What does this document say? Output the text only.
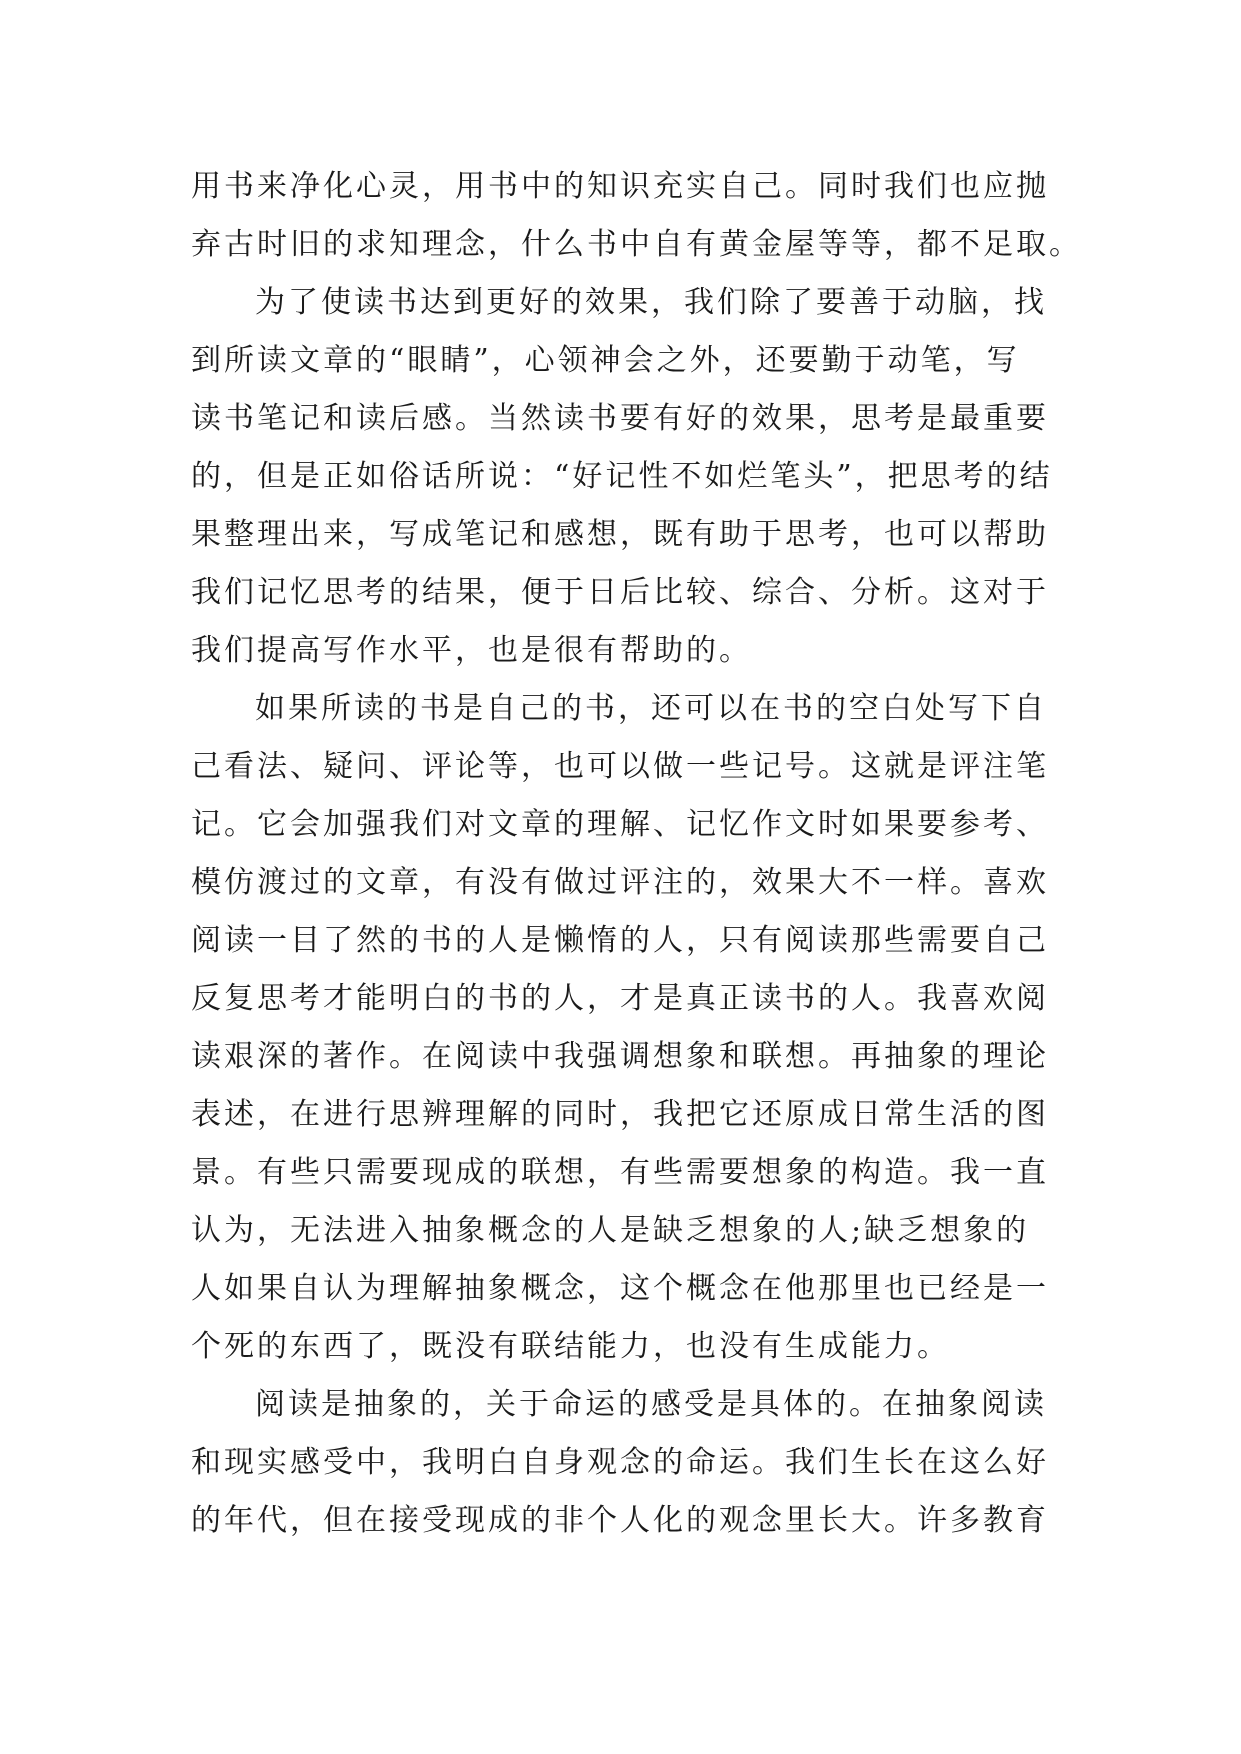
用书来净化心灵，用书中的知识充实自己。同时我们也应抛
弃古时旧的求知理念，什么书中自有黄金屋等等，都不足取。
为了使读书达到更好的效果，我们除了要善于动脑，找
到所读文章的“眼睛”，心领神会之外，还要勤于动笔，写
读书笔记和读后感。当然读书要有好的效果，思考是最重要
的，但是正如俗话所说：“好记性不如烂笔头”，把思考的结
果整理出来，写成笔记和感想，既有助于思考，也可以帮助
我们记忆思考的结果，便于日后比较、综合、分析。这对于
我们提高写作水平，也是很有帮助的。
如果所读的书是自己的书，还可以在书的空白处写下自
己看法、疑问、评论等，也可以做一些记号。这就是评注笔
记。它会加强我们对文章的理解、记忆作文时如果要参考、
模仿渡过的文章，有没有做过评注的，效果大不一样。喜欢
阅读一目了然的书的人是懒惰的人，只有阅读那些需要自己
反复思考才能明白的书的人，才是真正读书的人。我喜欢阅
读艰深的著作。在阅读中我强调想象和联想。再抽象的理论
表述，在进行思辨理解的同时，我把它还原成日常生活的图
景。有些只需要现成的联想，有些需要想象的构造。我一直
认为，无法进入抽象概念的人是缺乏想象的人;缺乏想象的
人如果自认为理解抽象概念，这个概念在他那里也已经是一
个死的东西了，既没有联结能力，也没有生成能力。
阅读是抽象的，关于命运的感受是具体的。在抽象阅读
和现实感受中，我明白自身观念的命运。我们生长在这么好
的年代，但在接受现成的非个人化的观念里长大。许多教育
